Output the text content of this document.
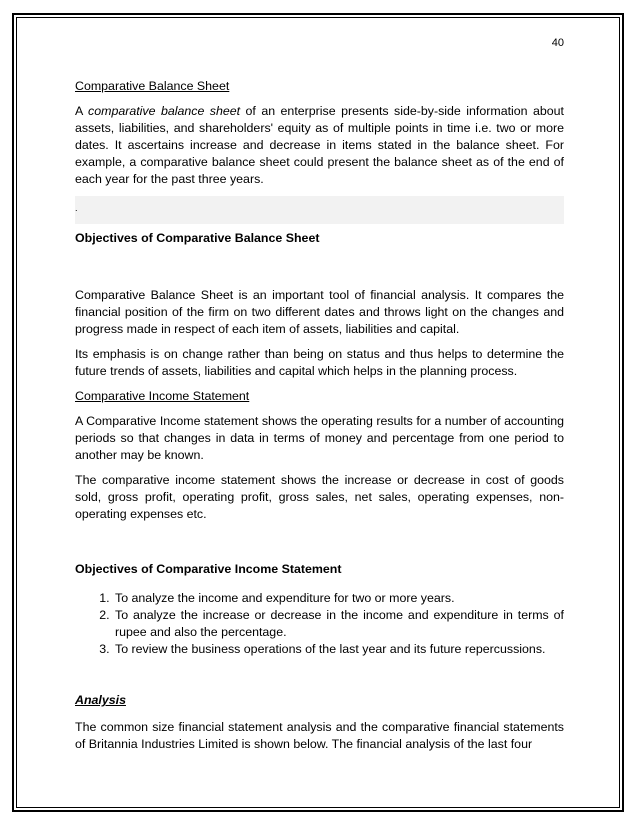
40

Comparative Balance Sheet

A comparative balance sheet of an enterprise presents side-by-side information about assets, liabilities, and shareholders' equity as of multiple points in time i.e. two or more dates. It ascertains increase and decrease in items stated in the balance sheet. For example, a comparative balance sheet could present the balance sheet as of the end of each year for the past three years.

.

Objectives of Comparative Balance Sheet

Comparative Balance Sheet is an important tool of financial analysis. It compares the financial position of the firm on two different dates and throws light on the changes and progress made in respect of each item of assets, liabilities and capital.

Its emphasis is on change rather than being on status and thus helps to determine the future trends of assets, liabilities and capital which helps in the planning process.

Comparative Income Statement

A Comparative Income statement shows the operating results for a number of accounting periods so that changes in data in terms of money and percentage from one period to another may be known.

The comparative income statement shows the increase or decrease in cost of goods sold, gross profit, operating profit, gross sales, net sales, operating expenses, non-operating expenses etc.

Objectives of Comparative Income Statement

1. To analyze the income and expenditure for two or more years.
2. To analyze the increase or decrease in the income and expenditure in terms of rupee and also the percentage.
3. To review the business operations of the last year and its future repercussions.

Analysis

The common size financial statement analysis and the comparative financial statements of Britannia Industries Limited is shown below. The financial analysis of the last four
